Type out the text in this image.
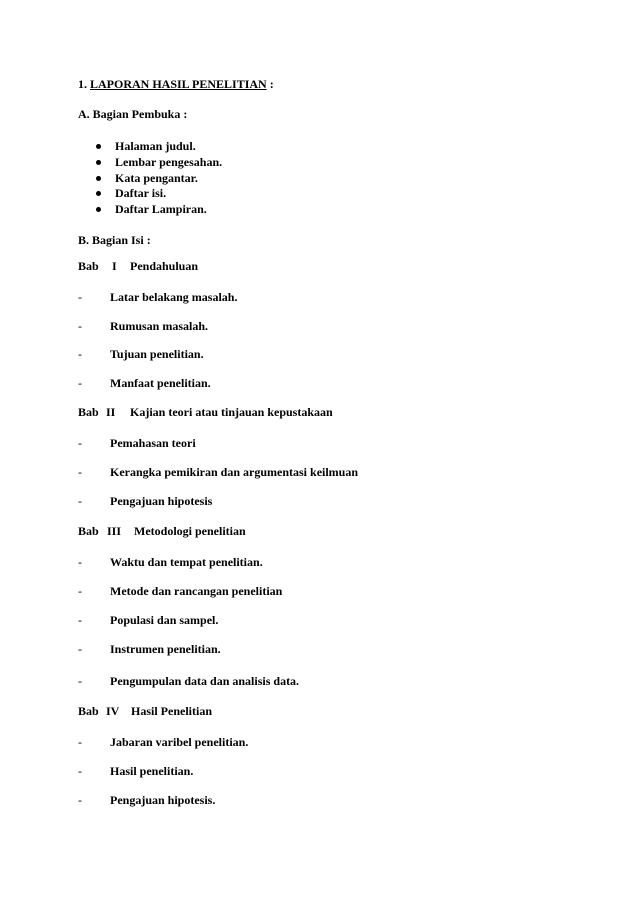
1. LAPORAN HASIL PENELITIAN :
A. Bagian Pembuka :
Halaman judul.
Lembar pengesahan.
Kata pengantar.
Daftar isi.
Daftar Lampiran.
B. Bagian Isi :
Bab I Pendahuluan
- Latar belakang masalah.
- Rumusan masalah.
- Tujuan penelitian.
- Manfaat penelitian.
Bab II Kajian teori atau tinjauan kepustakaan
- Pemahasan teori
- Kerangka pemikiran dan argumentasi keilmuan
- Pengajuan hipotesis
Bab III Metodologi penelitian
- Waktu dan tempat penelitian.
- Metode dan rancangan penelitian
- Populasi dan sampel.
- Instrumen penelitian.
- Pengumpulan data dan analisis data.
Bab IV Hasil Penelitian
- Jabaran varibel penelitian.
- Hasil penelitian.
- Pengajuan hipotesis.
